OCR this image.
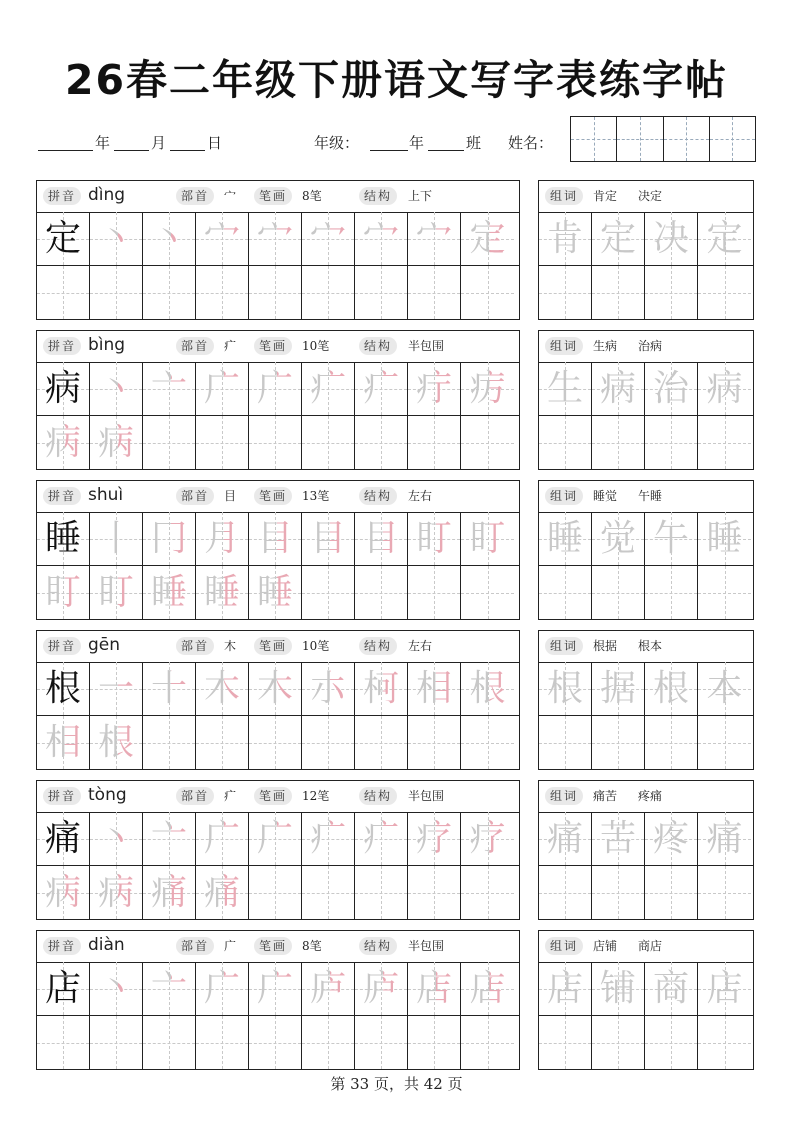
26春二年级下册语文写字表练字帖
年	月	日	年级：	年	班 姓名：
拼音 dìng	部首	宀	笔画	8笔	结构	上下
定 丶 丶 宀 宀 宀 宀 宀 定
组词	肯定 决定
肯 定 决 定
拼音 bìng	部首	疒	笔画	10笔	结构	半包围
病 丶 亠 广 广 疒 疒 疔 疠
病 病
组词	生病 治病
生 病 治 病
拼音 shuì	部首	目	笔画	13笔	结构	左右
睡 丨 冂 月 目 目 目 盯 盯
盯 盯 睡 睡 睡
组词	睡觉 午睡
睡 觉 午 睡
拼音 gēn	部首	木	笔画	10笔	结构	左右
根 一 十 木 木 朩 柯 相 根
相 根
组词	根据 根本
根 据 根 本
拼音 tòng	部首	疒	笔画	12笔	结构	半包围
痛 丶 亠 广 广 疒 疒 疗 疗
病 病 痛 痛
组词	痛苦 疼痛
痛 苦 疼 痛
拼音 diàn	部首	广	笔画	8笔	结构	半包围
店 丶 亠 广 广 庐 庐 店 店
组词	店铺 商店
店 铺 商 店
第 33 页，共 42 页
